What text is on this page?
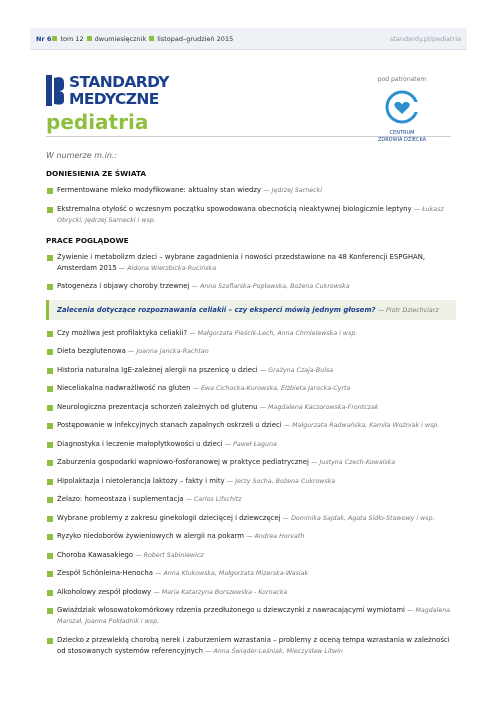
Nr 6 tom 12 dwumiesięcznik listopad–grudzień 2015	standardy.pl/pediatria
STANDARDY
MEDYCZNE
pediatria
pod patronatem
CENTRUM
ZDROWIA DZIECKA
W numerze m.in.:
DONIESIENIA ZE ŚWIATA
Fermentowane mleko modyfikowane: aktualny stan wiedzy — Jędrzej Sarnecki
Ekstremalna otyłość o wczesnym początku spowodowana obecnością nieaktywnej biologicznie leptyny — Łukasz Obrycki, Jędrzej Sarnecki i wsp.
PRACE POGLĄDOWE
Żywienie i metabolizm dzieci – wybrane zagadnienia i nowości przedstawione na 48 Konferencji ESPGHAN, Amsterdam 2015 — Aldona Wierzbicka-Rucińska
Patogeneza i objawy choroby trzewnej — Anna Szaflarska-Popławska, Bożena Cukrowska
Zalecenia dotyczące rozpoznawania celiakii – czy eksperci mówią jednym głosem? — Piotr Dziechciarz
Czy możliwa jest profilaktyka celiakii? — Małgorzata Pieścik-Lech, Anna Chmielewska i wsp.
Dieta bezglutenowa — Joanna Jancka-Rachtan
Historia naturalna IgE-zależnej alergii na pszenicę u dzieci — Grażyna Czaja-Bulsa
Nieceliakalna nadwrażliwość na gluten — Ewa Cichocka-Kurowska, Elżbieta Jarocka-Cyrta
Neurologiczna prezentacja schorzeń zależnych od glutenu — Magdalena Kaczorowska-Frontczak
Postępowanie w infekcyjnych stanach zapalnych oskrzeli u dzieci — Małgorzata Radwańska, Kamila Woźniak i wsp.
Diagnostyka i leczenie małopłytkowości u dzieci — Paweł Łaguna
Zaburzenia gospodarki wapniowo-fosforanowej w praktyce pediatrycznej — Justyna Czech-Kowalska
Hipolaktazja i nietolerancja laktozy – fakty i mity — Jerzy Socha, Bożena Cukrowska
Żelazo: homeostaza i suplementacja — Carlos Lifschitz
Wybrane problemy z zakresu ginekologii dziecięcej i dziewczęcej — Dominika Sajdak, Agata Sidło-Stawowy i wsp.
Ryzyko niedoborów żywieniowych w alergii na pokarm — Andrea Horvath
Choroba Kawasakiego — Robert Sabiniewicz
Zespół Schönleina-Henocha — Anna Klukowska, Małgorzata Mizerska-Wasiak
Alkoholowy zespół płodowy — Maria Katarzyna Borszewska - Kornacka
Gwiaździak włosowatokomórkowy rdzenia przedłużonego u dziewczynki z nawracającymi wymiotami — Magdalena Marszał, Joanna Pokładnik i wsp.
Dziecko z przewlekłą chorobą nerek i zaburzeniem wzrastania – problemy z oceną tempa wzrastania w zależności od stosowanych systemów referencyjnych — Anna Świąder-Leśniak, Mieczysław Litwin
